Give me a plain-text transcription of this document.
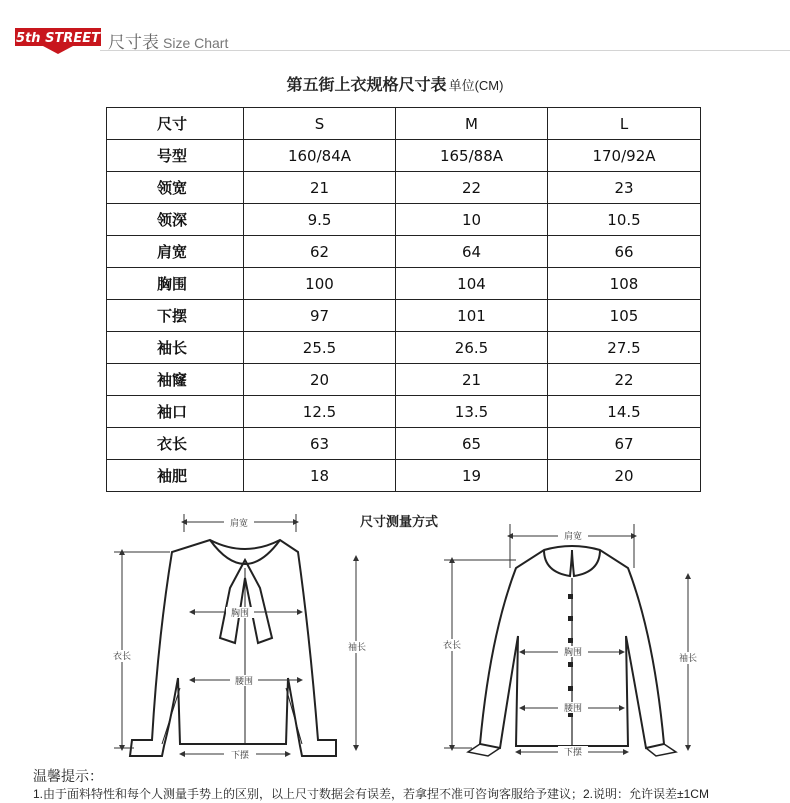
5th STREET 尺寸表 Size Chart
第五街上衣规格尺寸表 单位(CM)
尺寸	S	M	L
号型	160/84A	165/88A	170/92A
领宽	21	22	23
领深	9.5	10	10.5
肩宽	62	64	66
胸围	100	104	108
下摆	97	101	105
袖长	25.5	26.5	27.5
袖窿	20	21	22
袖口	12.5	13.5	14.5
衣长	63	65	67
袖肥	18	19	20
尺寸测量方式
肩宽
胸围
腰围
下摆
衣长
袖长
肩宽
胸围
腰围
下摆
衣长
袖长
温馨提示：
1.由于面料特性和每个人测量手势上的区别，以上尺寸数据会有误差，若拿捏不准可咨询客服给予建议；2.说明：允许误差±1CM
